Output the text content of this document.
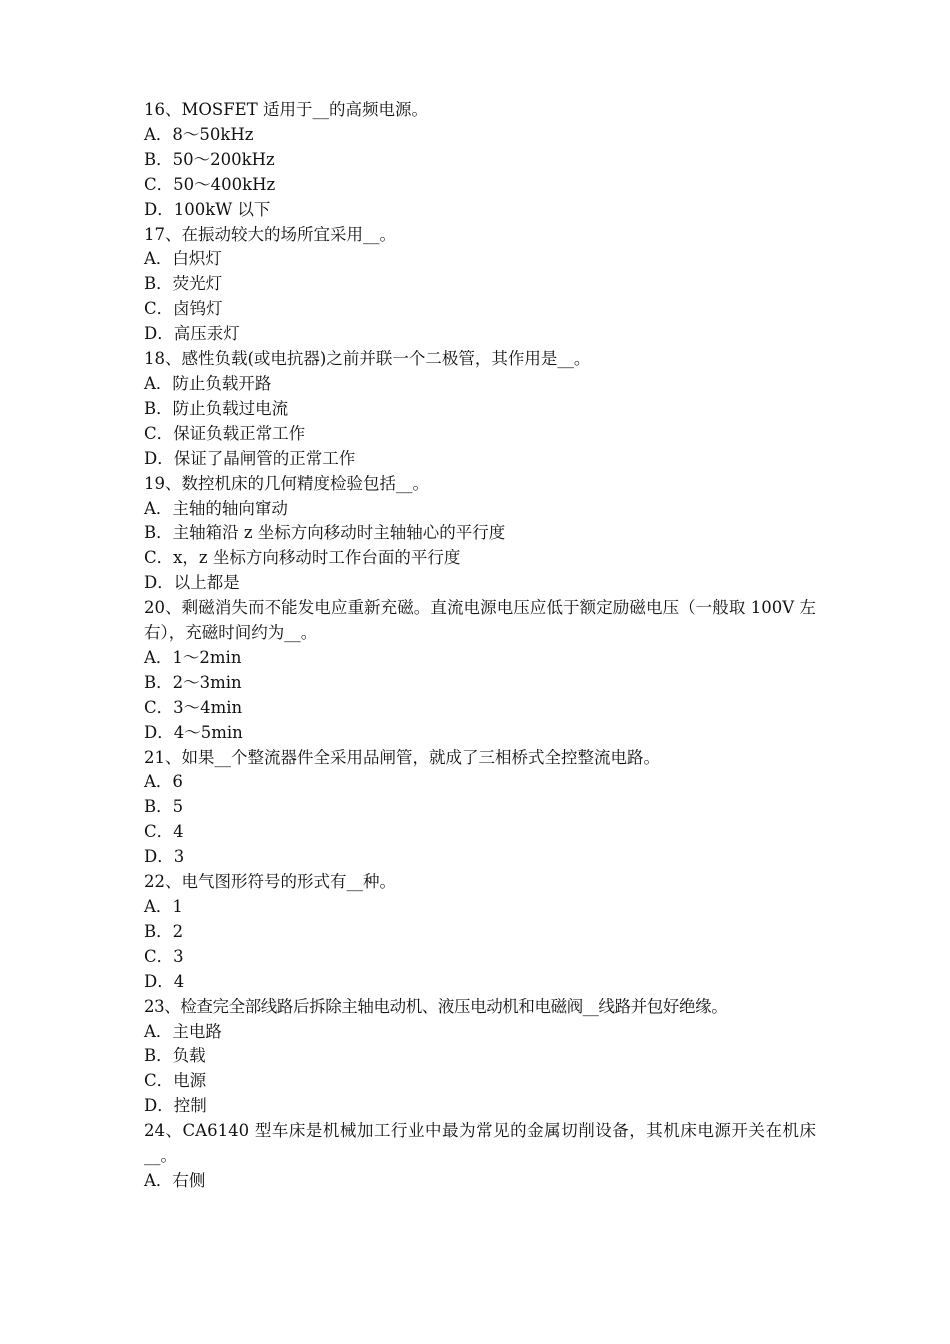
16、MOSFET 适用于__的高频电源。
A．8～50kHz
B．50～200kHz
C．50～400kHz
D．100kW 以下
17、在振动较大的场所宜采用__。
A．白炽灯
B．荧光灯
C．卤钨灯
D．高压汞灯
18、感性负载(或电抗器)之前并联一个二极管，其作用是__。
A．防止负载开路
B．防止负载过电流
C．保证负载正常工作
D．保证了晶闸管的正常工作
19、数控机床的几何精度检验包括__。
A．主轴的轴向窜动
B．主轴箱沿 z 坐标方向移动时主轴轴心的平行度
C．x，z 坐标方向移动时工作台面的平行度
D．以上都是
20、剩磁消失而不能发电应重新充磁。直流电源电压应低于额定励磁电压（一般取 100V 左右），充磁时间约为__。
A．1～2min
B．2～3min
C．3～4min
D．4～5min
21、如果__个整流器件全采用品闸管，就成了三相桥式全控整流电路。
A．6
B．5
C．4
D．3
22、电气图形符号的形式有__种。
A．1
B．2
C．3
D．4
23、检查完全部线路后拆除主轴电动机、液压电动机和电磁阀__线路并包好绝缘。
A．主电路
B．负载
C．电源
D．控制
24、CA6140 型车床是机械加工行业中最为常见的金属切削设备，其机床电源开关在机床__。
A．右侧
